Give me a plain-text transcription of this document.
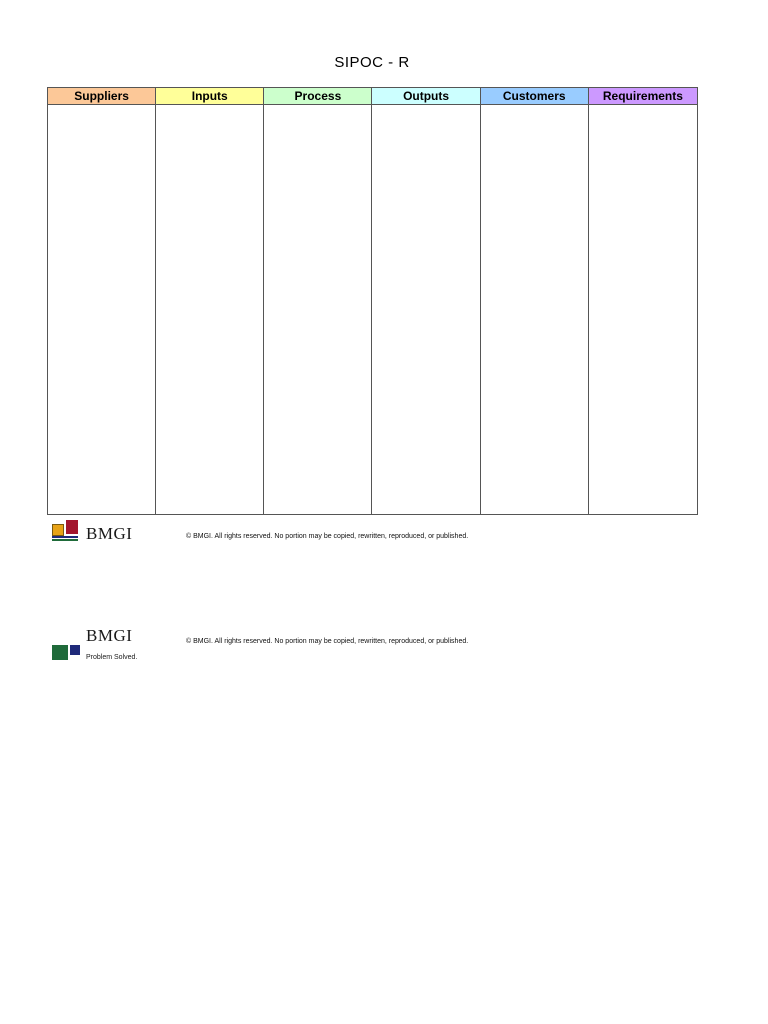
SIPOC - R
Suppliers	Inputs	Process	Outputs	Customers	Requirements
BMGI	© BMGI. All rights reserved. No portion may be copied, rewritten, reproduced, or published.
BMGI
Problem Solved.
© BMGI. All rights reserved. No portion may be copied, rewritten, reproduced, or published.
